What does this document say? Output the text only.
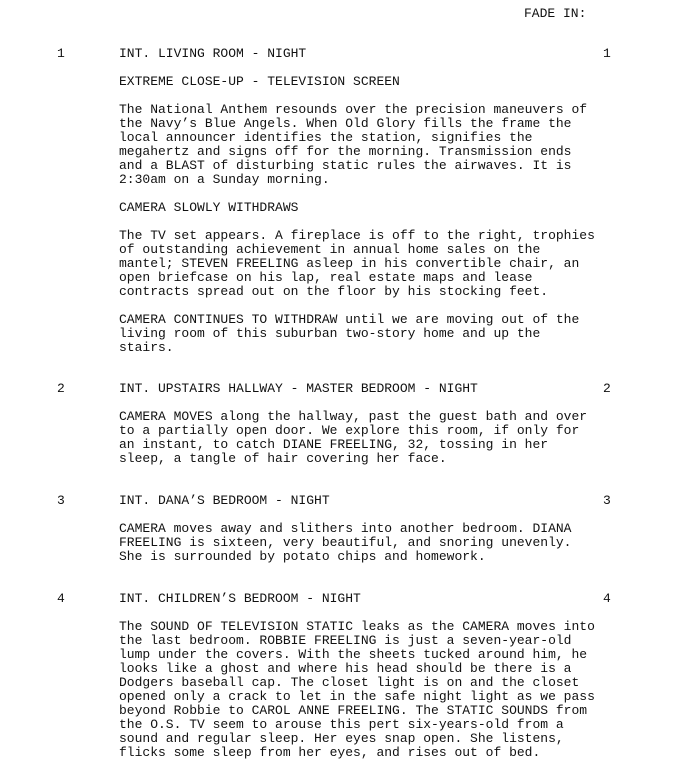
FADE IN:
1	INT. LIVING ROOM - NIGHT	1
EXTREME CLOSE-UP - TELEVISION SCREEN
The National Anthem resounds over the precision maneuvers of
the Navy’s Blue Angels. When Old Glory fills the frame the
local announcer identifies the station, signifies the
megahertz and signs off for the morning. Transmission ends
and a BLAST of disturbing static rules the airwaves. It is
2:30am on a Sunday morning.
CAMERA SLOWLY WITHDRAWS
The TV set appears. A fireplace is off to the right, trophies
of outstanding achievement in annual home sales on the
mantel; STEVEN FREELING asleep in his convertible chair, an
open briefcase on his lap, real estate maps and lease
contracts spread out on the floor by his stocking feet.
CAMERA CONTINUES TO WITHDRAW until we are moving out of the
living room of this suburban two-story home and up the
stairs.
2	INT. UPSTAIRS HALLWAY - MASTER BEDROOM - NIGHT	2
CAMERA MOVES along the hallway, past the guest bath and over
to a partially open door. We explore this room, if only for
an instant, to catch DIANE FREELING, 32, tossing in her
sleep, a tangle of hair covering her face.
3	INT. DANA’S BEDROOM - NIGHT	3
CAMERA moves away and slithers into another bedroom. DIANA
FREELING is sixteen, very beautiful, and snoring unevenly.
She is surrounded by potato chips and homework.
4	INT. CHILDREN’S BEDROOM - NIGHT	4
The SOUND OF TELEVISION STATIC leaks as the CAMERA moves into
the last bedroom. ROBBIE FREELING is just a seven-year-old
lump under the covers. With the sheets tucked around him, he
looks like a ghost and where his head should be there is a
Dodgers baseball cap. The closet light is on and the closet
opened only a crack to let in the safe night light as we pass
beyond Robbie to CAROL ANNE FREELING. The STATIC SOUNDS from
the O.S. TV seem to arouse this pert six-years-old from a
sound and regular sleep. Her eyes snap open. She listens,
flicks some sleep from her eyes, and rises out of bed.
